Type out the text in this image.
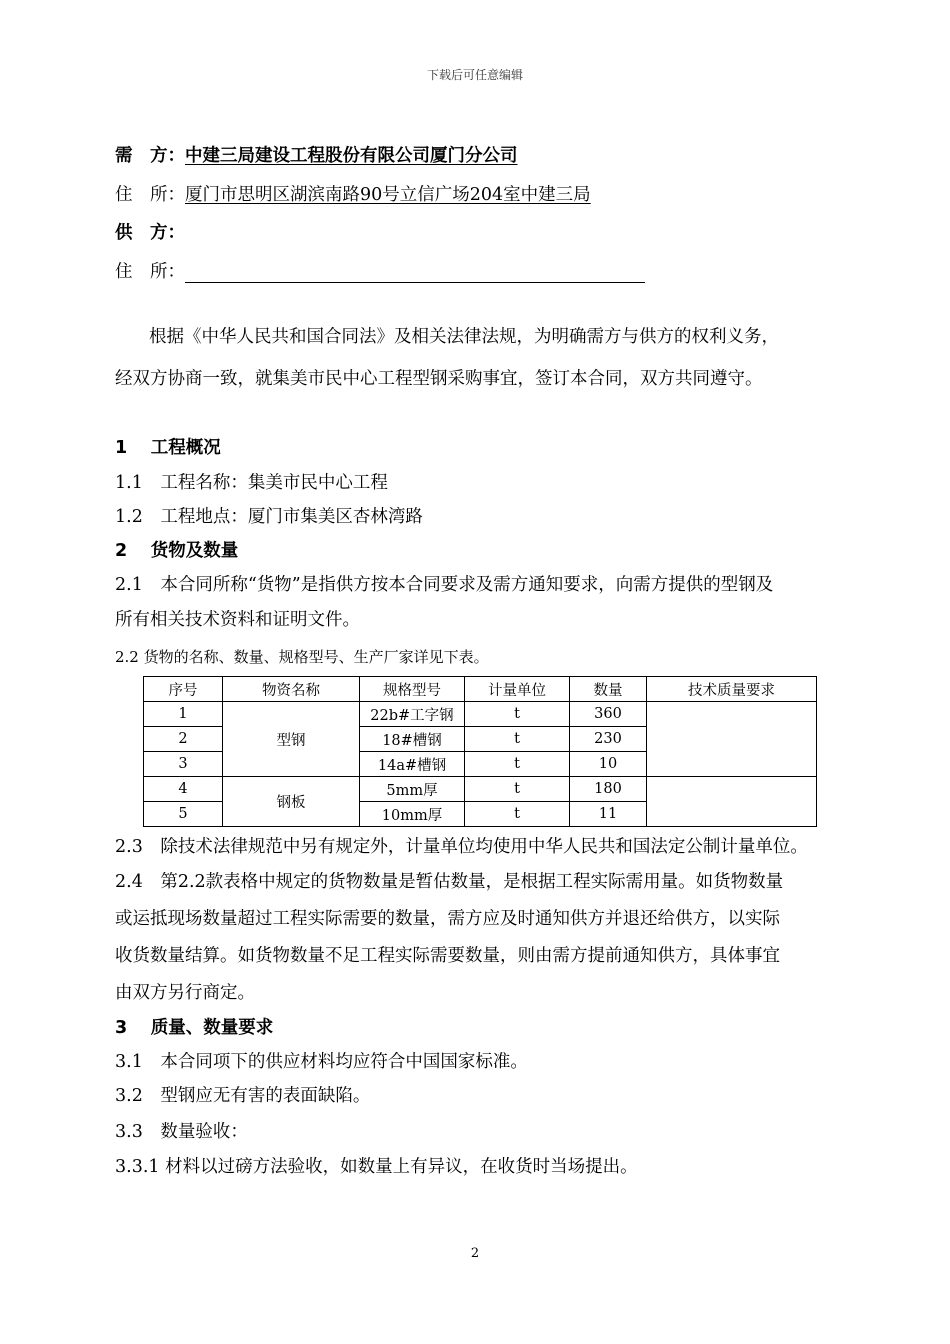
下载后可任意编辑
需　方：中建三局建设工程股份有限公司厦门分公司
住　所：厦门市思明区湖滨南路90号立信广场204室中建三局
供　方：
住　所：
根据《中华人民共和国合同法》及相关法律法规，为明确需方与供方的权利义务，
经双方协商一致，就集美市民中心工程型钢采购事宜，签订本合同，双方共同遵守。
1　 工程概况
1.1　工程名称：集美市民中心工程
1.2　工程地点：厦门市集美区杏林湾路
2　 货物及数量
2.1　本合同所称“货物”是指供方按本合同要求及需方通知要求，向需方提供的型钢及
所有相关技术资料和证明文件。
2.2 货物的名称、数量、规格型号、生产厂家详见下表。
序号	物资名称	规格型号	计量单位	数量	技术质量要求
1	型钢	22b#工字钢	t	360	
2		18#槽钢	t	230	
3		14a#槽钢	t	10	
4	钢板	5mm厚	t	180	
5		10mm厚	t	11	
2.3　除技术法律规范中另有规定外，计量单位均使用中华人民共和国法定公制计量单位。
2.4　第2.2款表格中规定的货物数量是暂估数量，是根据工程实际需用量。如货物数量
或运抵现场数量超过工程实际需要的数量，需方应及时通知供方并退还给供方，以实际
收货数量结算。如货物数量不足工程实际需要数量，则由需方提前通知供方，具体事宜
由双方另行商定。
3　 质量、数量要求
3.1　本合同项下的供应材料均应符合中国国家标准。
3.2　型钢应无有害的表面缺陷。
3.3　数量验收：
3.3.1 材料以过磅方法验收，如数量上有异议，在收货时当场提出。
2
